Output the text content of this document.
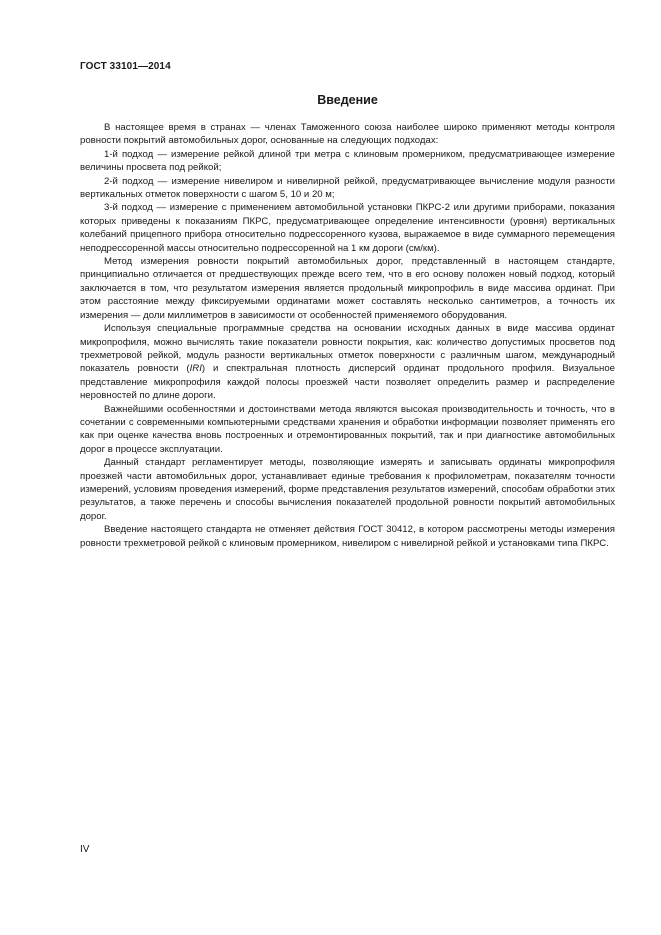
ГОСТ 33101—2014
Введение

В настоящее время в странах — членах Таможенного союза наиболее широко применяют методы контроля ровности покрытий автомобильных дорог, основанные на следующих подходах:

1-й подход — измерение рейкой длиной три метра с клиновым промерником, предусматривающее измерение величины просвета под рейкой;

2-й подход — измерение нивелиром и нивелирной рейкой, предусматривающее вычисление модуля разности вертикальных отметок поверхности с шагом 5, 10 и 20 м;

3-й подход — измерение с применением автомобильной установки ПКРС-2 или другими приборами, показания которых приведены к показаниям ПКРС, предусматривающее определение интенсивности (уровня) вертикальных колебаний прицепного прибора относительно подрессоренного кузова, выражаемое в виде суммарного перемещения неподрессоренной массы относительно подрессоренной на 1 км дороги (см/км).

Метод измерения ровности покрытий автомобильных дорог, представленный в настоящем стандарте, принципиально отличается от предшествующих прежде всего тем, что в его основу положен новый подход, который заключается в том, что результатом измерения является продольный микропрофиль в виде массива ординат. При этом расстояние между фиксируемыми ординатами может составлять несколько сантиметров, а точность их измерения — доли миллиметров в зависимости от особенностей применяемого оборудования.

Используя специальные программные средства на основании исходных данных в виде массива ординат микропрофиля, можно вычислять такие показатели ровности покрытия, как: количество допустимых просветов под трехметровой рейкой, модуль разности вертикальных отметок поверхности с различным шагом, международный показатель ровности (IRI) и спектральная плотность дисперсий ординат продольного профиля. Визуальное представление микропрофиля каждой полосы проезжей части позволяет определить размер и распределение неровностей по длине дороги.

Важнейшими особенностями и достоинствами метода являются высокая производительность и точность, что в сочетании с современными компьютерными средствами хранения и обработки информации позволяет применять его как при оценке качества вновь построенных и отремонтированных покрытий, так и при диагностике автомобильных дорог в процессе эксплуатации.

Данный стандарт регламентирует методы, позволяющие измерять и записывать ординаты микропрофиля проезжей части автомобильных дорог, устанавливает единые требования к профилометрам, показателям точности измерений, условиям проведения измерений, форме представления результатов измерений, способам обработки этих результатов, а также перечень и способы вычисления показателей продольной ровности покрытий автомобильных дорог.

Введение настоящего стандарта не отменяет действия ГОСТ 30412, в котором рассмотрены методы измерения ровности трехметровой рейкой с клиновым промерником, нивелиром с нивелирной рейкой и установками типа ПКРС.

IV
